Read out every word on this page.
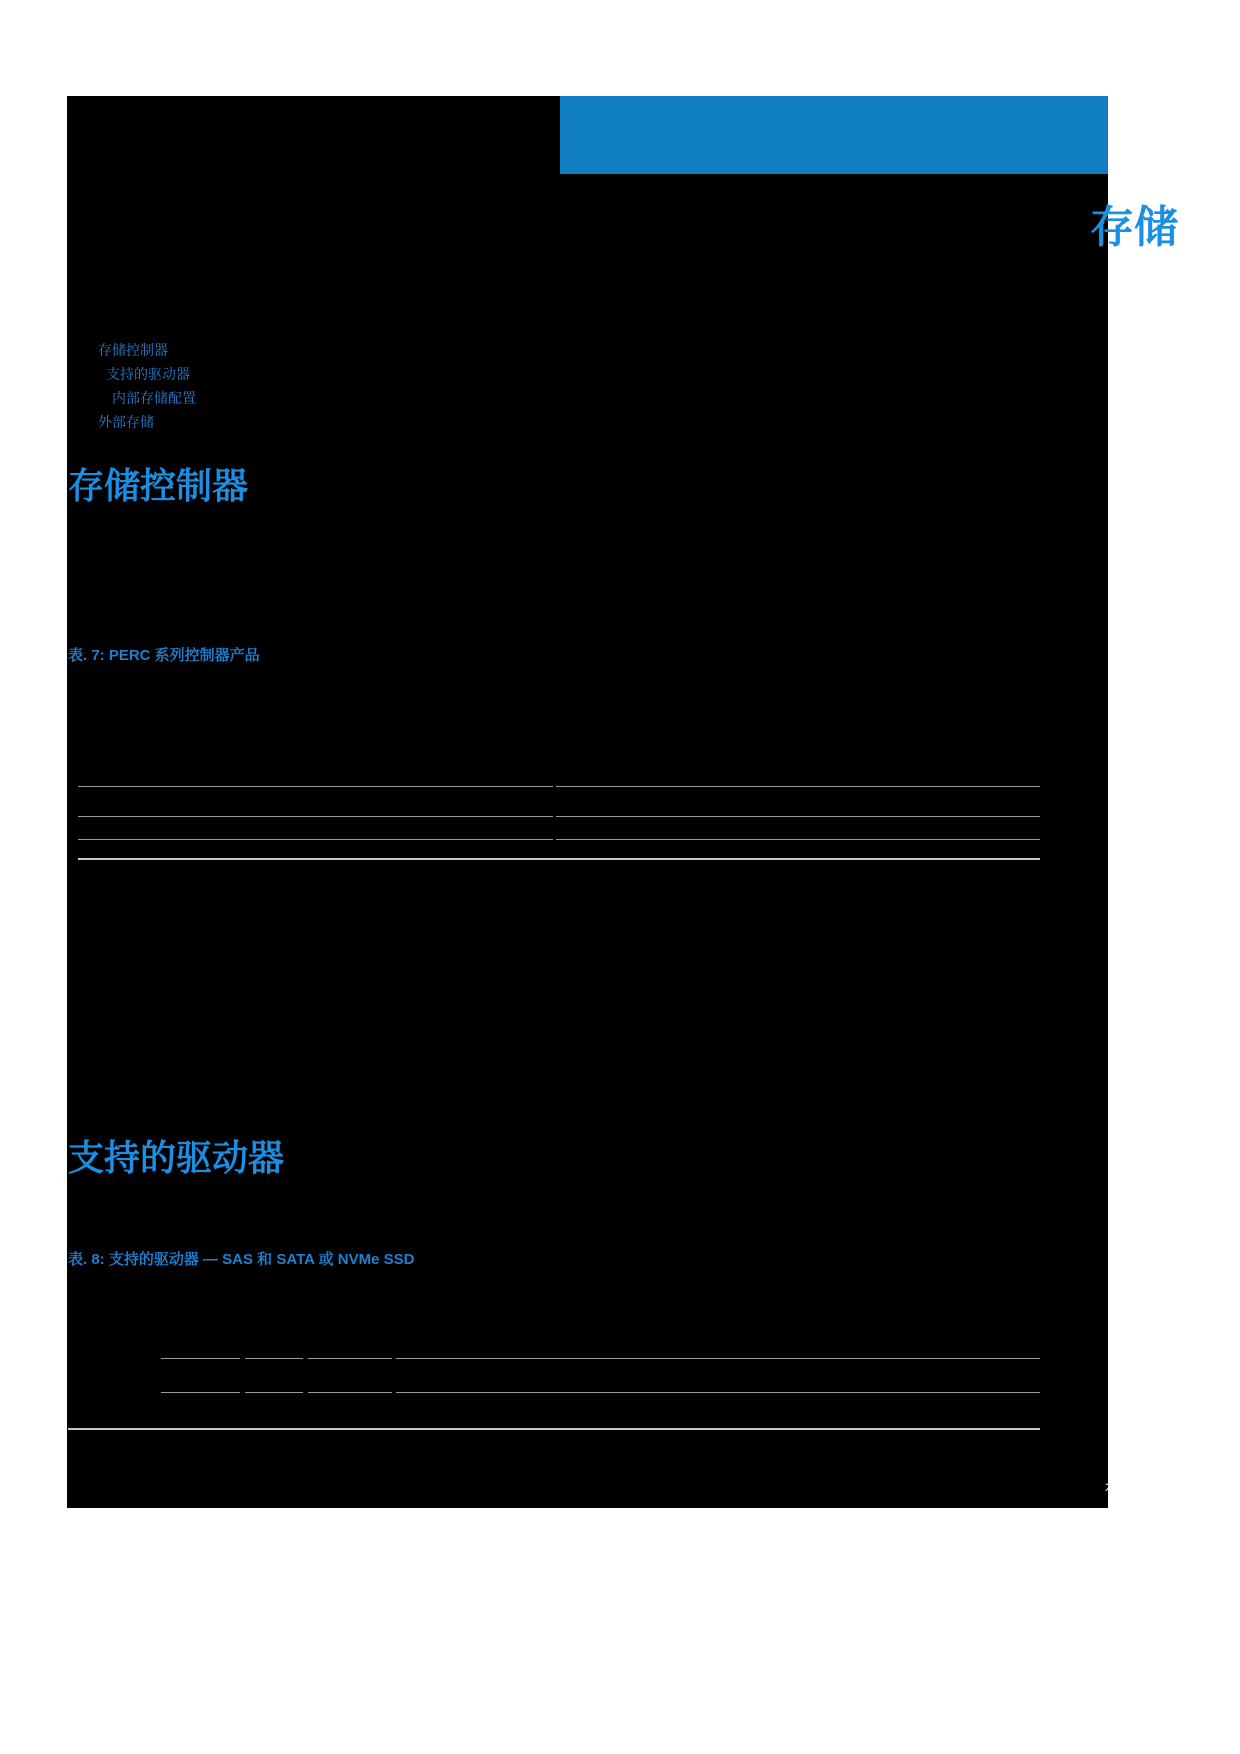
6
存储
存储控制器
支持的驱动器
内部存储配置
外部存储
存储控制器
表. 7: PERC 系列控制器产品
支持的驱动器
表. 8: 支持的驱动器 — SAS 和 SATA 或 NVMe SSD
存储 17
